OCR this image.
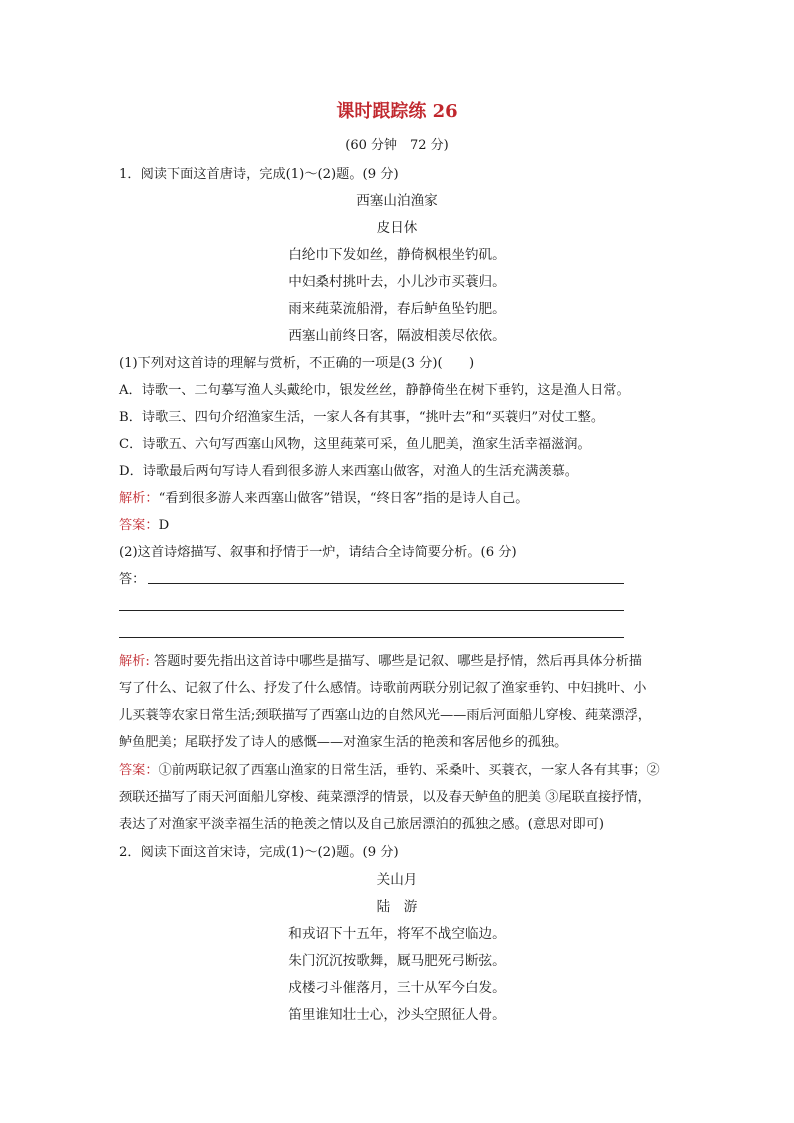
课时跟踪练 26
(60 分钟　72 分)
1．阅读下面这首唐诗，完成(1)～(2)题。(9 分)
西塞山泊渔家
皮日休
白纶巾下发如丝，静倚枫根坐钓矶。
中妇桑村挑叶去，小儿沙市买蓑归。
雨来莼菜流船滑，春后鲈鱼坠钓肥。
西塞山前终日客，隔波相羡尽依依。
(1)下列对这首诗的理解与赏析，不正确的一项是(3 分)(　　)
A．诗歌一、二句摹写渔人头戴纶巾，银发丝丝，静静倚坐在树下垂钓，这是渔人日常。
B．诗歌三、四句介绍渔家生活，一家人各有其事，“挑叶去”和“买蓑归”对仗工整。
C．诗歌五、六句写西塞山风物，这里莼菜可采，鱼儿肥美，渔家生活幸福滋润。
D．诗歌最后两句写诗人看到很多游人来西塞山做客，对渔人的生活充满羡慕。
解析：“看到很多游人来西塞山做客”错误，“终日客”指的是诗人自己。
答案：D
(2)这首诗熔描写、叙事和抒情于一炉，请结合全诗简要分析。(6 分)
答：
解析: 答题时要先指出这首诗中哪些是描写、哪些是记叙、哪些是抒情，然后再具体分析描
写了什么、记叙了什么、抒发了什么感情。诗歌前两联分别记叙了渔家垂钓、中妇挑叶、小
儿买蓑等农家日常生活;颈联描写了西塞山边的自然风光——雨后河面船儿穿梭、莼菜漂浮，
鲈鱼肥美；尾联抒发了诗人的感慨——对渔家生活的艳羡和客居他乡的孤独。
答案：①前两联记叙了西塞山渔家的日常生活，垂钓、采桑叶、买蓑衣，一家人各有其事；②
颈联还描写了雨天河面船儿穿梭、莼菜漂浮的情景，以及春天鲈鱼的肥美 ③尾联直接抒情，
表达了对渔家平淡幸福生活的艳羡之情以及自己旅居漂泊的孤独之感。(意思对即可)
2．阅读下面这首宋诗，完成(1)～(2)题。(9 分)
关山月
陆　游
和戎诏下十五年，将军不战空临边。
朱门沉沉按歌舞，厩马肥死弓断弦。
戍楼刁斗催落月，三十从军今白发。
笛里谁知壮士心，沙头空照征人骨。
